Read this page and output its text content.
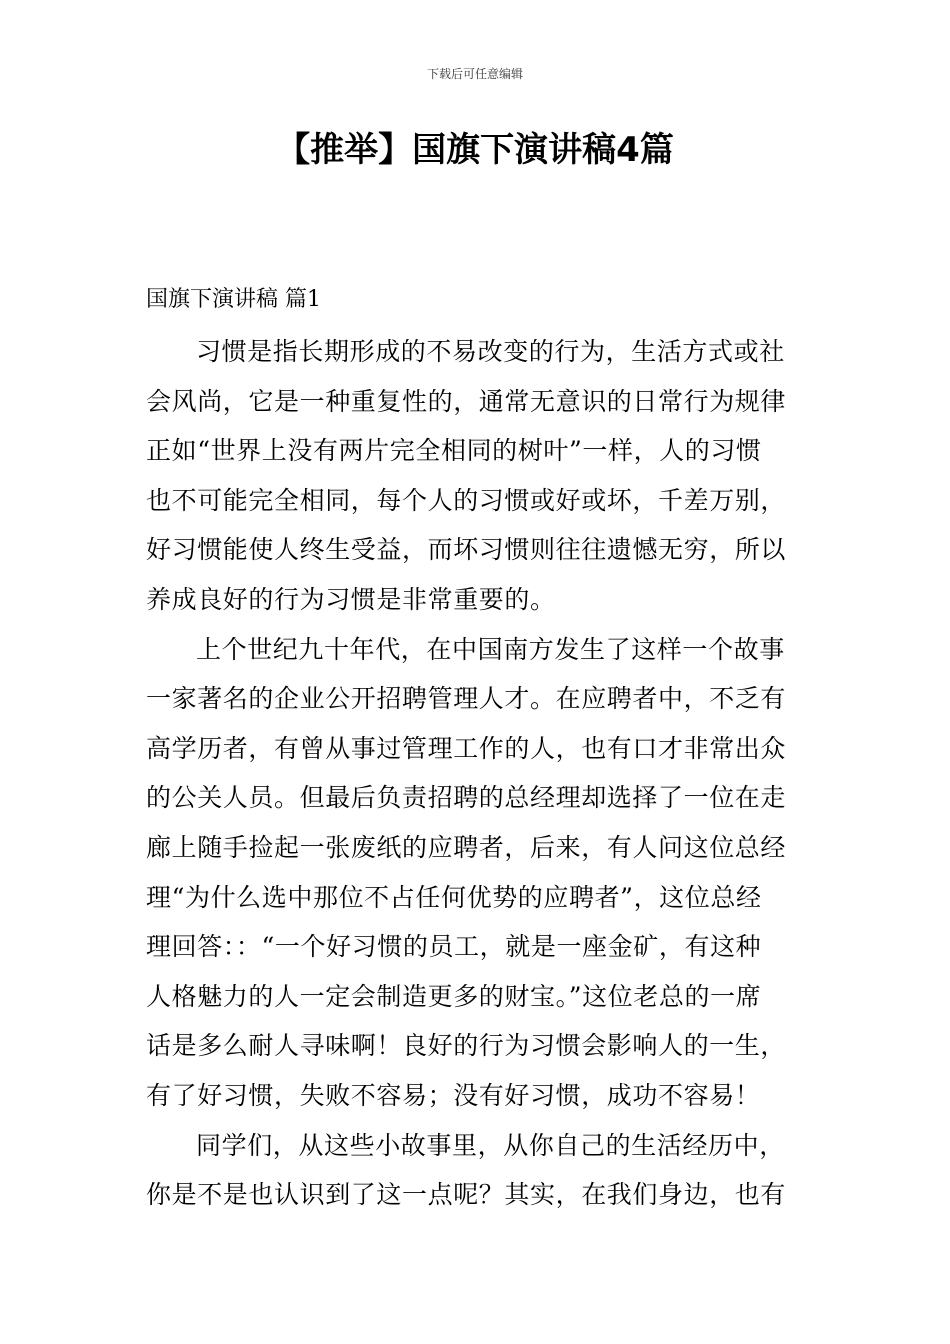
下载后可任意编辑
【推举】国旗下演讲稿4篇
国旗下演讲稿 篇1
习惯是指长期形成的不易改变的行为，生活方式或社
会风尚，它是一种重复性的，通常无意识的日常行为规律
正如“世界上没有两片完全相同的树叶”一样，人的习惯
也不可能完全相同，每个人的习惯或好或坏，千差万别，
好习惯能使人终生受益，而坏习惯则往往遗憾无穷，所以
养成良好的行为习惯是非常重要的。
上个世纪九十年代，在中国南方发生了这样一个故事
一家著名的企业公开招聘管理人才。在应聘者中，不乏有
高学历者，有曾从事过管理工作的人，也有口才非常出众
的公关人员。但最后负责招聘的总经理却选择了一位在走
廊上随手捡起一张废纸的应聘者，后来，有人问这位总经
理“为什么选中那位不占任何优势的应聘者”，这位总经
理回答：：“一个好习惯的员工，就是一座金矿，有这种
人格魅力的人一定会制造更多的财宝。”这位老总的一席
话是多么耐人寻味啊！良好的行为习惯会影响人的一生，
有了好习惯，失败不容易；没有好习惯，成功不容易！
同学们，从这些小故事里，从你自己的生活经历中，
你是不是也认识到了这一点呢？其实，在我们身边，也有
